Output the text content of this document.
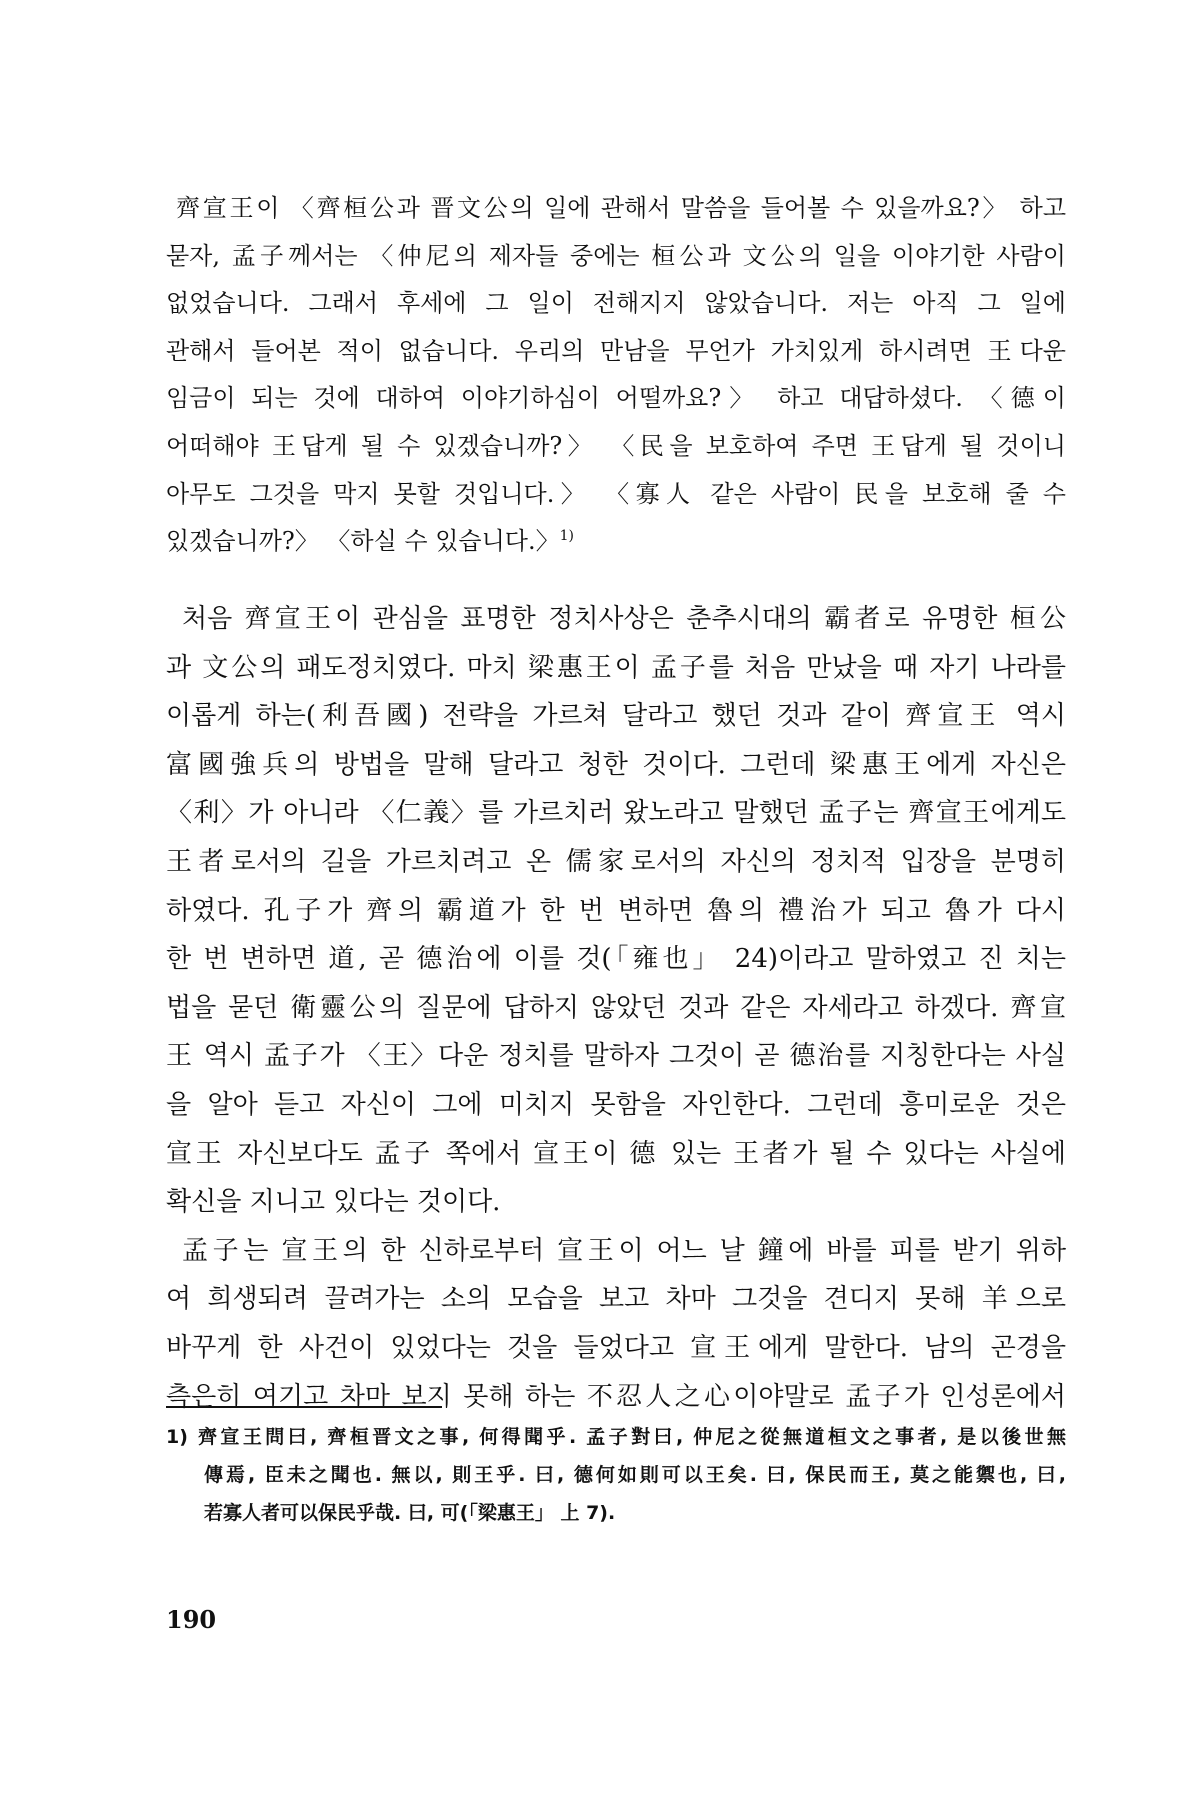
齊宣王이 〈齊桓公과 晋文公의 일에 관해서 말씀을 들어볼 수 있을까요?〉 하고
묻자, 孟子께서는 〈仲尼의 제자들 중에는 桓公과 文公의 일을 이야기한 사람이
없었습니다. 그래서 후세에 그 일이 전해지지 않았습니다. 저는 아직 그 일에
관해서 들어본 적이 없습니다. 우리의 만남을 무언가 가치있게 하시려면 王다운
임금이 되는 것에 대하여 이야기하심이 어떨까요?〉 하고 대답하셨다. 〈德이
어떠해야 王답게 될 수 있겠습니까?〉 〈民을 보호하여 주면 王답게 될 것이니
아무도 그것을 막지 못할 것입니다.〉 〈寡人 같은 사람이 民을 보호해 줄 수
있겠습니까?〉 〈하실 수 있습니다.〉$^{1)}$
처음 齊宣王이 관심을 표명한 정치사상은 춘추시대의 霸者로 유명한 桓公
과 文公의 패도정치였다. 마치 梁惠王이 孟子를 처음 만났을 때 자기 나라를
이롭게 하는(利吾國) 전략을 가르쳐 달라고 했던 것과 같이 齊宣王 역시
富國強兵의 방법을 말해 달라고 청한 것이다. 그런데 梁惠王에게 자신은
〈利〉가 아니라 〈仁義〉를 가르치러 왔노라고 말했던 孟子는 齊宣王에게도
王者로서의 길을 가르치려고 온 儒家로서의 자신의 정치적 입장을 분명히
하였다. 孔子가 齊의 霸道가 한 번 변하면 魯의 禮治가 되고 魯가 다시
한 번 변하면 道, 곧 德治에 이를 것(「雍也」 24)이라고 말하였고 진 치는
법을 묻던 衛靈公의 질문에 답하지 않았던 것과 같은 자세라고 하겠다. 齊宣
王 역시 孟子가 〈王〉다운 정치를 말하자 그것이 곧 德治를 지칭한다는 사실
을 알아 듣고 자신이 그에 미치지 못함을 자인한다. 그런데 흥미로운 것은
宣王 자신보다도 孟子 쪽에서 宣王이 德 있는 王者가 될 수 있다는 사실에
확신을 지니고 있다는 것이다.
孟子는 宣王의 한 신하로부터 宣王이 어느 날 鐘에 바를 피를 받기 위하
여 희생되려 끌려가는 소의 모습을 보고 차마 그것을 견디지 못해 羊으로
바꾸게 한 사건이 있었다는 것을 들었다고 宣王에게 말한다. 남의 곤경을
측은히 여기고 차마 보지 못해 하는 不忍人之心이야말로 孟子가 인성론에서
1) 齊宣王問曰, 齊桓晋文之事, 何得聞乎. 孟子對曰, 仲尼之從無道桓文之事者, 是以後世無
傳焉, 臣未之聞也. 無以, 則王乎. 曰, 德何如則可以王矣. 曰, 保民而王, 莫之能禦也, 曰,
若寡人者可以保民乎哉. 曰, 可(「梁惠王」 上 7).
190
